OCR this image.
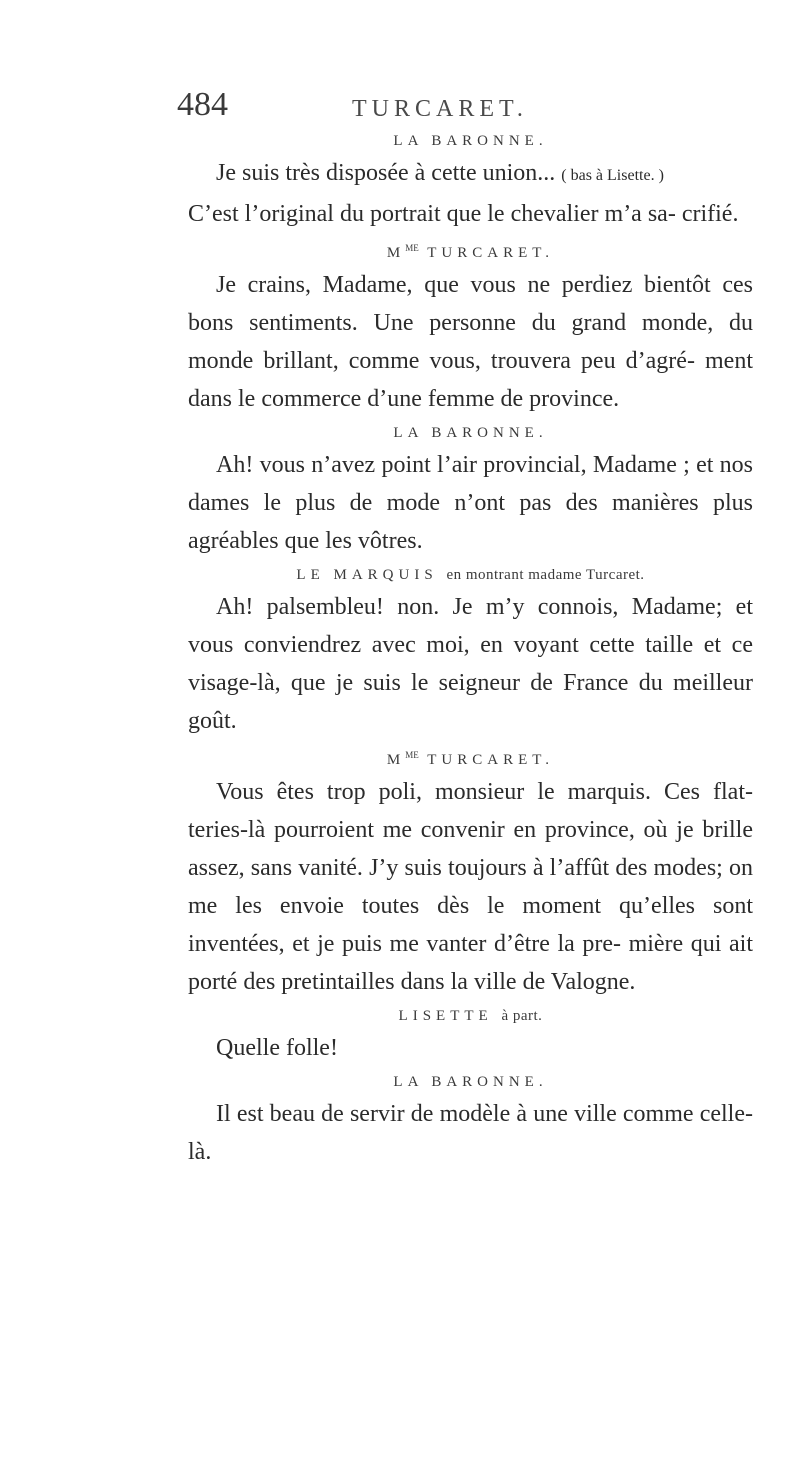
484	TURCARET.
LA BARONNE.

Je suis très disposée à cette union... ( bas à Lisette. )

C’est l’original du portrait que le chevalier m’a sa- crifié.

$M^{ME}$ TURCARET.

Je crains, Madame, que vous ne perdiez bientôt ces bons sentiments. Une personne du grand monde, du monde brillant, comme vous, trouvera peu d’agré- ment dans le commerce d’une femme de province.

LA BARONNE.

Ah! vous n’avez point l’air provincial, Madame ; et nos dames le plus de mode n’ont pas des manières plus agréables que les vôtres.

LE MARQUIS en montrant madame Turcaret.

Ah! palsembleu! non. Je m’y connois, Madame; et vous conviendrez avec moi, en voyant cette taille et ce visage-là, que je suis le seigneur de France du meilleur goût.

$M^{ME}$ TURCARET.

Vous êtes trop poli, monsieur le marquis. Ces flat- teries-là pourroient me convenir en province, où je brille assez, sans vanité. J’y suis toujours à l’affût des modes; on me les envoie toutes dès le moment qu’elles sont inventées, et je puis me vanter d’être la pre- mière qui ait porté des pretintailles dans la ville de Valogne.

LISETTE à part.

Quelle folle!

LA BARONNE.

Il est beau de servir de modèle à une ville comme celle-là.
